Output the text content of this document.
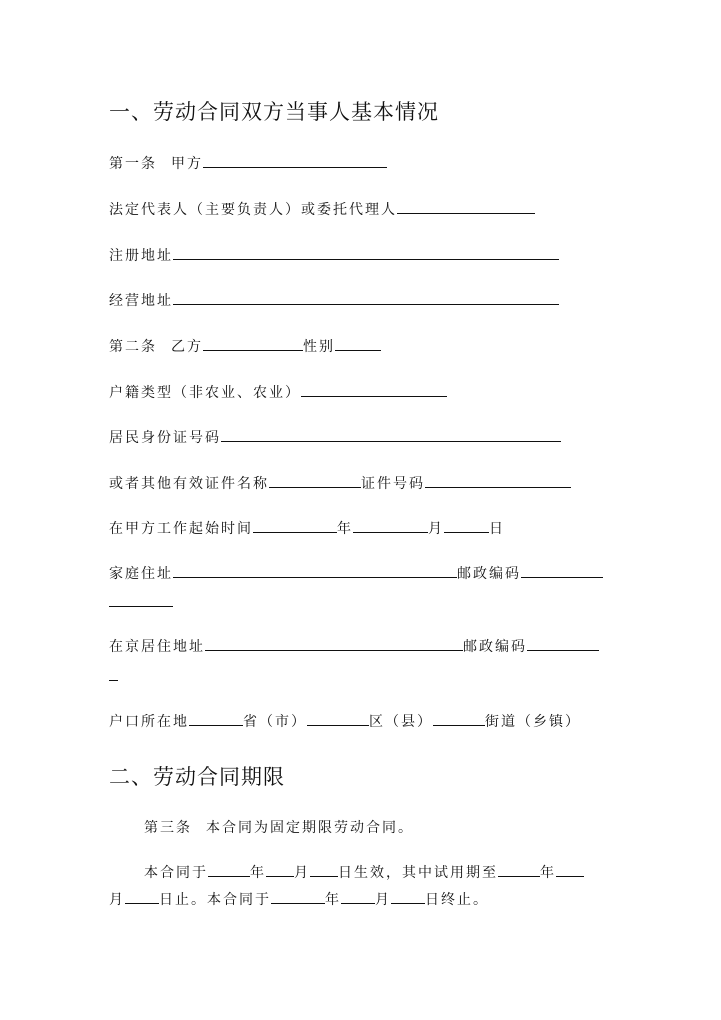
一、劳动合同双方当事人基本情况
第一条 甲方
法定代表人（主要负责人）或委托代理人
注册地址
经营地址
第二条 乙方	性别
户籍类型（非农业、农业）
居民身份证号码
或者其他有效证件名称	证件号码
在甲方工作起始时间	年	月	日
家庭住址	邮政编码
在京居住地址	邮政编码
户口所在地	省（市）	区（县）	街道（乡镇）
二、劳动合同期限
第三条 本合同为固定期限劳动合同。
本合同于	年 月 日生效，其中试用期至	年
月 日止。本合同于	年 月 日终止。
